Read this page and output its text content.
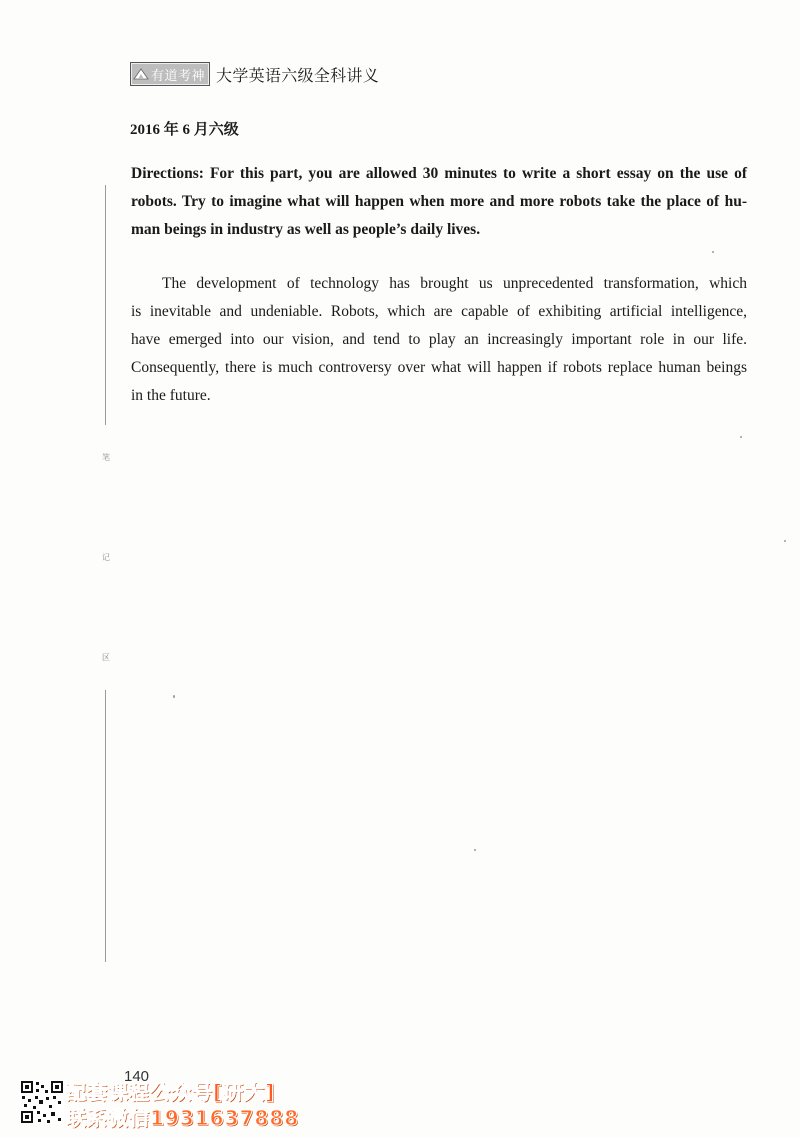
有道考神 大学英语六级全科讲义
2016 年 6 月六级
Directions: For this part, you are allowed 30 minutes to write a short essay on the use of
robots. Try to imagine what will happen when more and more robots take the place of hu-
man beings in industry as well as people’s daily lives.
The development of technology has brought us unprecedented transformation, which
is inevitable and undeniable. Robots, which are capable of exhibiting artificial intelligence,
have emerged into our vision, and tend to play an increasingly important role in our life.
Consequently, there is much controversy over what will happen if robots replace human beings
in the future.
笔
记
区
140
配套课程公众号[研大]
联系微信1931637888
